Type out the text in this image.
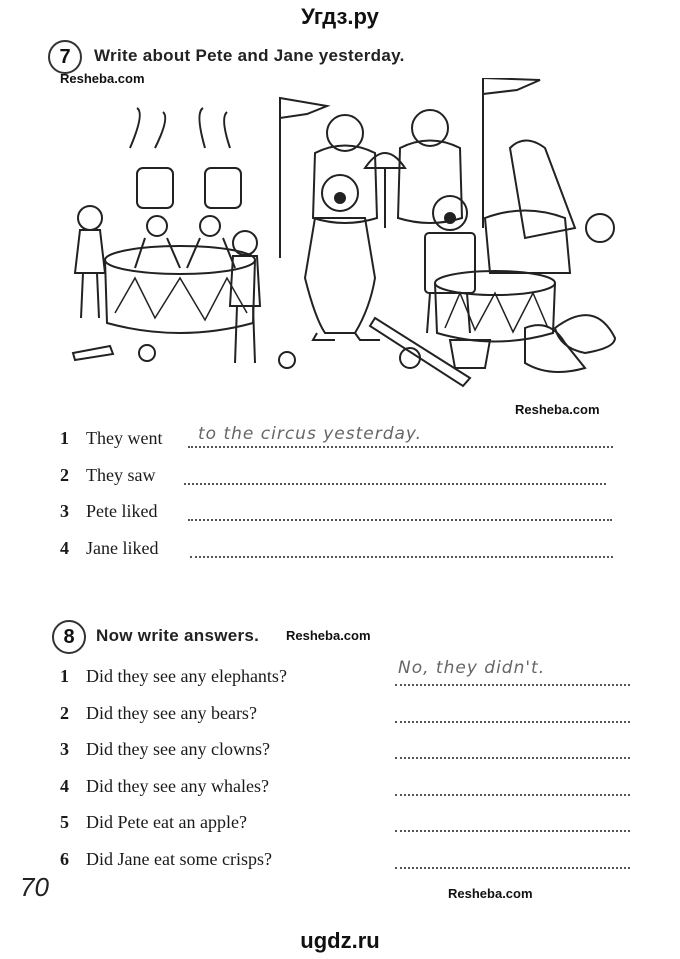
Угдз.ру
7	Write about Pete and Jane yesterday.
Resheba.com
Resheba.com
1 They went to the circus yesterday.
2 They saw
3 Pete liked
4 Jane liked
8	Now write answers. Resheba.com
1 Did they see any elephants?	No, they didn't.
2 Did they see any bears?
3 Did they see any clowns?
4 Did they see any whales?
5 Did Pete eat an apple?
6 Did Jane eat some crisps?
70	Resheba.com
ugdz.ru
